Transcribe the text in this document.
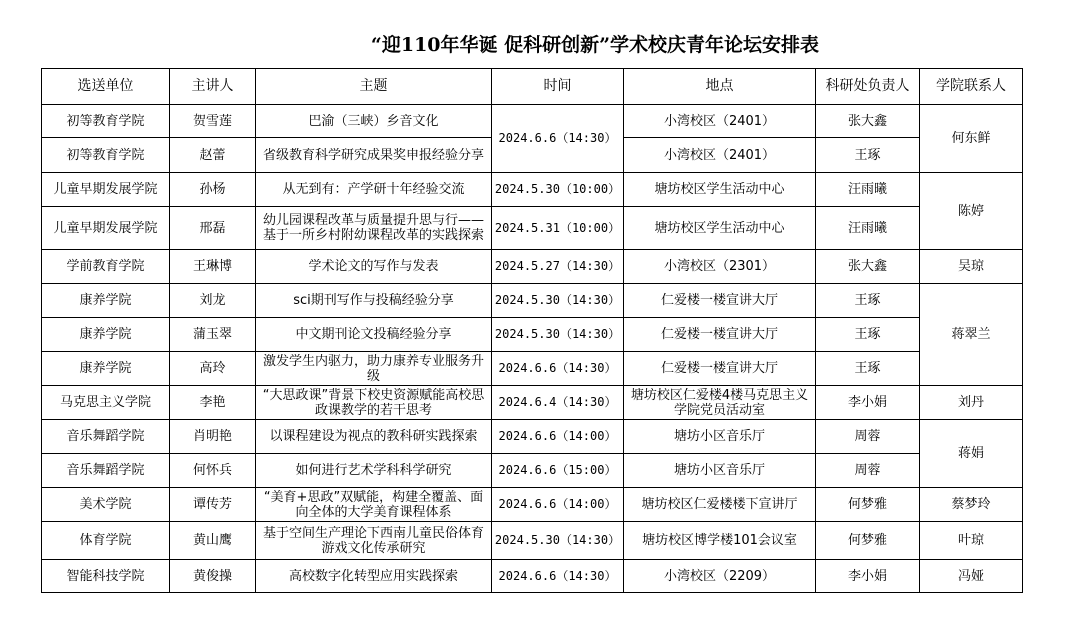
“迎110年华诞 促科研创新”学术校庆青年论坛安排表
选送单位	主讲人	主题	时间	地点	科研处负责人	学院联系人
初等教育学院	贺雪莲	巴渝（三峡）乡音文化	2024.6.6（14:30）	小湾校区（2401）	张大鑫	何东鲜
初等教育学院	赵蕾	省级教育科学研究成果奖申报经验分享		小湾校区（2401）	王琢	
儿童早期发展学院	孙杨	从无到有：产学研十年经验交流	2024.5.30（10:00）	塘坊校区学生活动中心	汪雨曦	陈婷
儿童早期发展学院	邢磊	幼儿园课程改革与质量提升思与行——基于一所乡村附幼课程改革的实践探索	2024.5.31（10:00）	塘坊校区学生活动中心	汪雨曦	
学前教育学院	王琳博	学术论文的写作与发表	2024.5.27（14:30）	小湾校区（2301）	张大鑫	吴琼
康养学院	刘龙	sci期刊写作与投稿经验分享	2024.5.30（14:30）	仁爱楼一楼宣讲大厅	王琢	蒋翠兰
康养学院	蒲玉翠	中文期刊论文投稿经验分享	2024.5.30（14:30）	仁爱楼一楼宣讲大厅	王琢	
康养学院	高玲	激发学生内驱力，助力康养专业服务升级	2024.6.6（14:30）	仁爱楼一楼宣讲大厅	王琢	
马克思主义学院	李艳	“大思政课”背景下校史资源赋能高校思政课教学的若干思考	2024.6.4（14:30）	塘坊校区仁爱楼4楼马克思主义学院党员活动室	李小娟	刘丹
音乐舞蹈学院	肖明艳	以课程建设为视点的教科研实践探索	2024.6.6（14:00）	塘坊小区音乐厅	周蓉	蒋娟
音乐舞蹈学院	何怀兵	如何进行艺术学科科学研究	2024.6.6（15:00）	塘坊小区音乐厅	周蓉	
美术学院	谭传芳	“美育+思政”双赋能，构建全覆盖、面向全体的大学美育课程体系	2024.6.6（14:00）	塘坊校区仁爱楼楼下宣讲厅	何梦雅	蔡梦玲
体育学院	黄山鹰	基于空间生产理论下西南儿童民俗体育游戏文化传承研究	2024.5.30（14:30）	塘坊校区博学楼101会议室	何梦雅	叶琼
智能科技学院	黄俊操	高校数字化转型应用实践探索	2024.6.6（14:30）	小湾校区（2209）	李小娟	冯娅
